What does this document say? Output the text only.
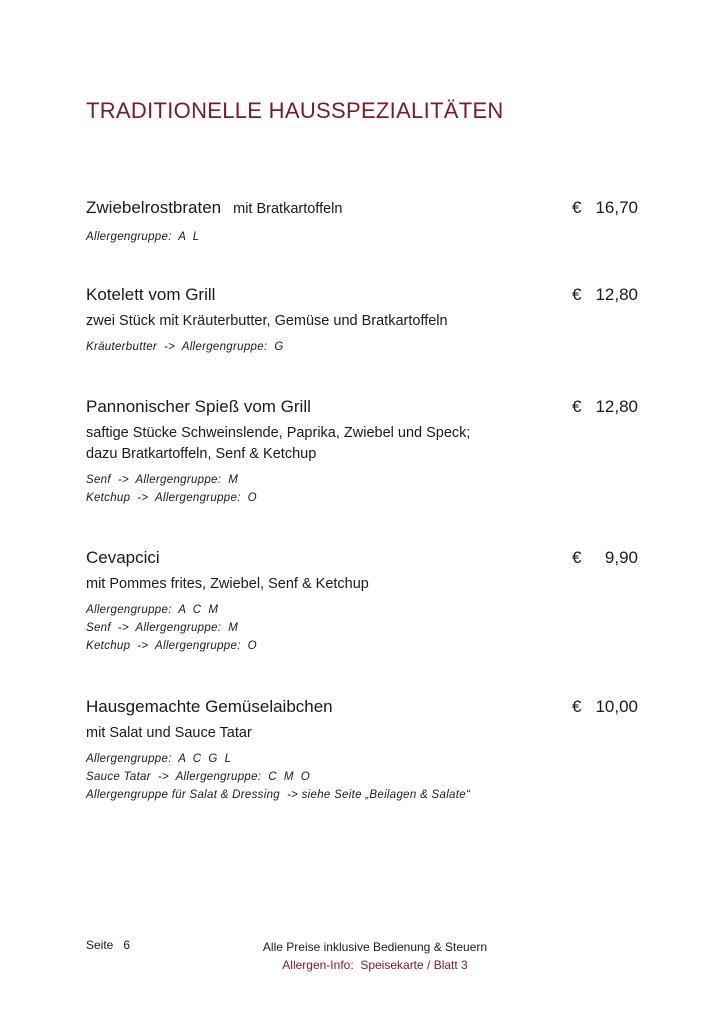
TRADITIONELLE HAUSSPEZIALITÄTEN
Zwiebelrostbraten mit Bratkartoffeln	€ 16,70
Allergengruppe:  A  L
Kotelett vom Grill	€ 12,80
zwei Stück mit Kräuterbutter, Gemüse und Bratkartoffeln
Kräuterbutter  ->  Allergengruppe:  G
Pannonischer Spieß vom Grill	€ 12,80
saftige Stücke Schweinslende, Paprika, Zwiebel und Speck;
dazu Bratkartoffeln, Senf & Ketchup
Senf  ->  Allergengruppe:  M
Ketchup  ->  Allergengruppe:  O
Cevapcici	€ 9,90
mit Pommes frites, Zwiebel, Senf & Ketchup
Allergengruppe:  A  C  M
Senf  ->  Allergengruppe:  M
Ketchup  ->  Allergengruppe:  O
Hausgemachte Gemüselaibchen	€ 10,00
mit Salat und Sauce Tatar
Allergengruppe:  A  C  G  L
Sauce Tatar  ->  Allergengruppe:  C  M  O
Allergengruppe für Salat & Dressing  -> siehe Seite „Beilagen & Salate“
Seite   6	Alle Preise inklusive Bedienung & Steuern
Allergen-Info:  Speisekarte / Blatt 3
